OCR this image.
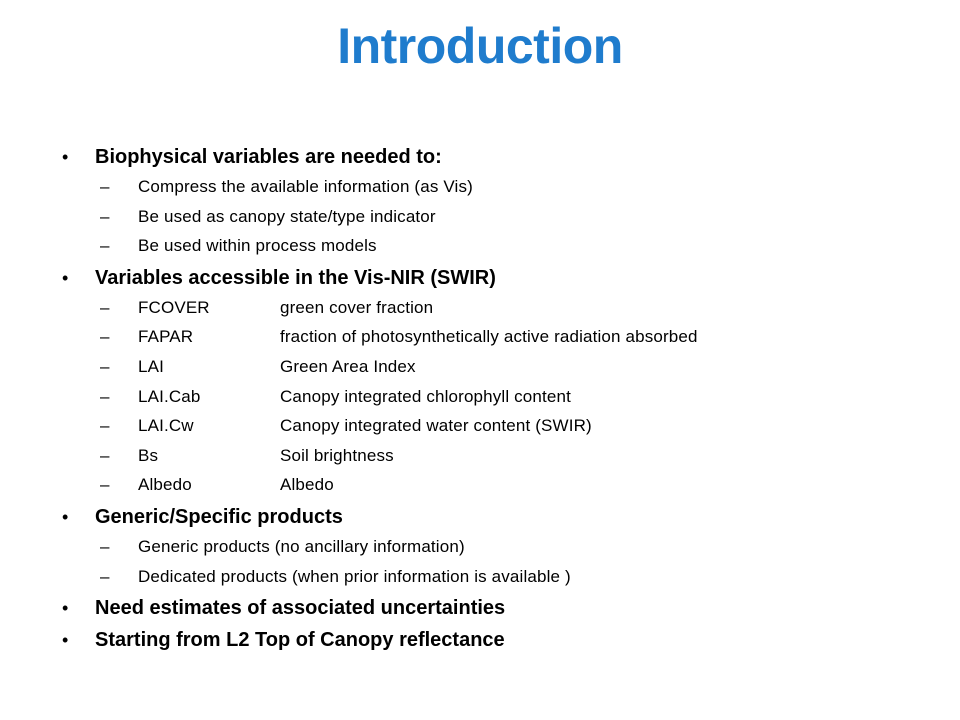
Introduction
• Biophysical variables are needed to:
– Compress the available information (as Vis)
– Be used as canopy state/type indicator
– Be used within process models
• Variables accessible in the Vis-NIR (SWIR)
– FCOVER	green cover fraction
– FAPAR	fraction of photosynthetically active radiation absorbed
– LAI	Green Area Index
– LAI.Cab	Canopy integrated chlorophyll content
– LAI.Cw	Canopy integrated water content (SWIR)
– Bs	Soil brightness
– Albedo	Albedo
• Generic/Specific products
– Generic products (no ancillary information)
– Dedicated products (when prior information is available )
• Need estimates of associated uncertainties
• Starting from L2 Top of Canopy reflectance
